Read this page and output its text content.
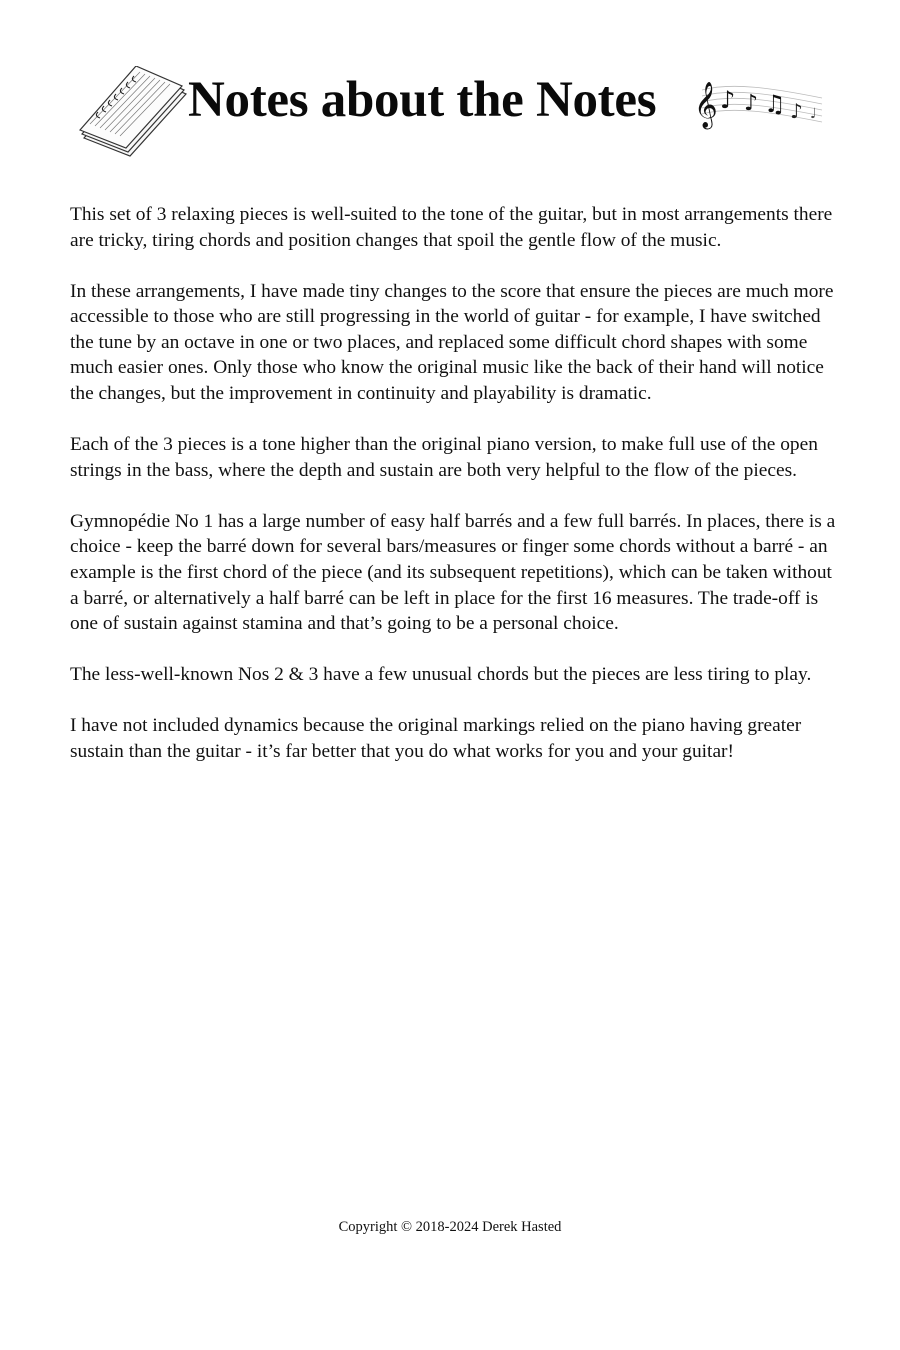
Notes about the Notes 𝄞 ♪ ♪ ♫ ♪ ♩

This set of 3 relaxing pieces is well-suited to the tone of the guitar, but in most arrangements there are tricky, tiring chords and position changes that spoil the gentle flow of the music.

In these arrangements, I have made tiny changes to the score that ensure the pieces are much more accessible to those who are still progressing in the world of guitar - for example, I have switched the tune by an octave in one or two places, and replaced some difficult chord shapes with some much easier ones. Only those who know the original music like the back of their hand will notice the changes, but the improvement in continuity and playability is dramatic.

Each of the 3 pieces is a tone higher than the original piano version, to make full use of the open strings in the bass, where the depth and sustain are both very helpful to the flow of the pieces.

Gymnopédie No 1 has a large number of easy half barrés and a few full barrés. In places, there is a choice - keep the barré down for several bars/measures or finger some chords without a barré - an example is the first chord of the piece (and its subsequent repetitions), which can be taken without a barré, or alternatively a half barré can be left in place for the first 16 measures. The trade-off is one of sustain against stamina and that’s going to be a personal choice.

The less-well-known Nos 2 & 3 have a few unusual chords but the pieces are less tiring to play.

I have not included dynamics because the original markings relied on the piano having greater sustain than the guitar - it’s far better that you do what works for you and your guitar!

Copyright © 2018-2024 Derek Hasted
